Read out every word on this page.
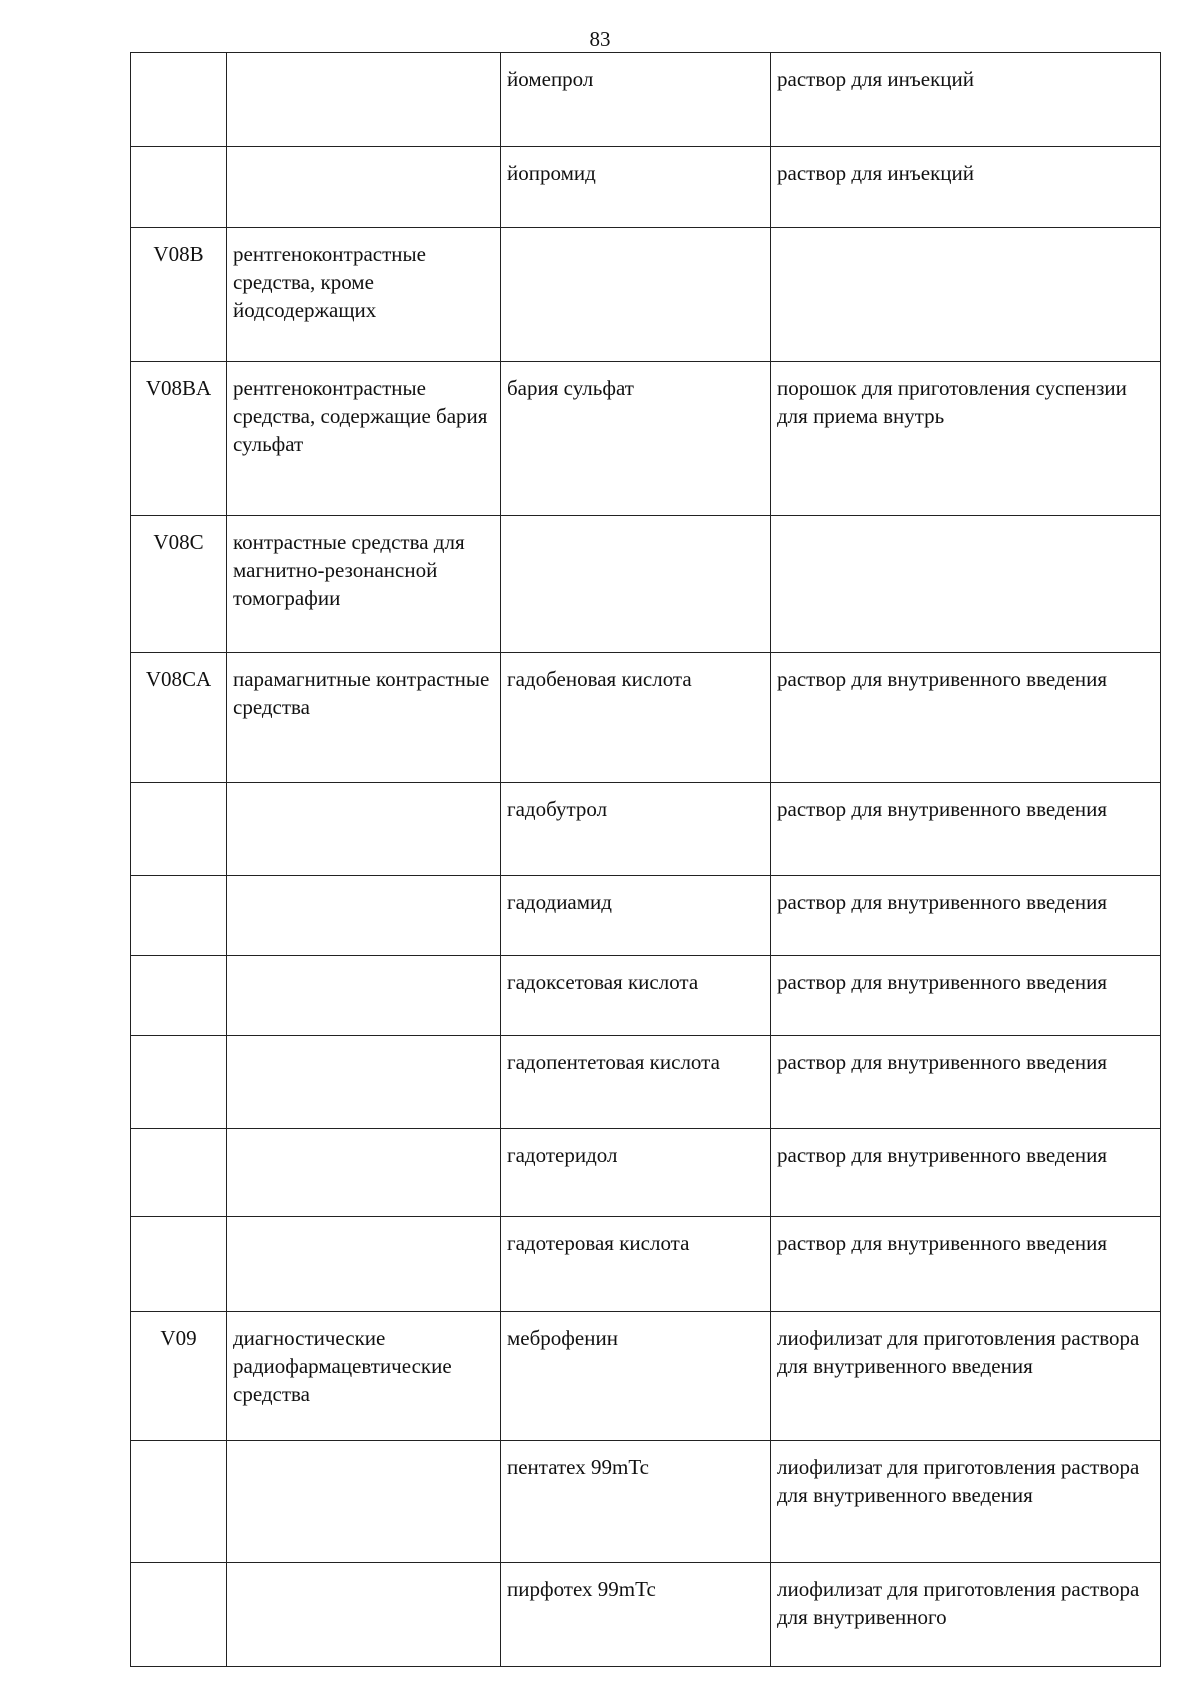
83
		йомепрол	раствор для инъекций
		йопромид	раствор для инъекций
V08B	рентгеноконтрастные средства, кроме йодсодержащих		
V08BA	рентгеноконтрастные средства, содержащие бария сульфат	бария сульфат	порошок для приготовления суспензии для приема внутрь
V08C	контрастные средства для магнитно-резонансной томографии		
V08CA	парамагнитные контрастные средства	гадобеновая кислота	раствор для внутривенного введения
		гадобутрол	раствор для внутривенного введения
		гадодиамид	раствор для внутривенного введения
		гадоксетовая кислота	раствор для внутривенного введения
		гадопентетовая кислота	раствор для внутривенного введения
		гадотеридол	раствор для внутривенного введения
		гадотеровая кислота	раствор для внутривенного введения
V09	диагностические радиофармацевтические средства	меброфенин	лиофилизат для приготовления раствора для внутривенного введения
		пентатех 99mTc	лиофилизат для приготовления раствора для внутривенного введения
		пирфотех 99mTc	лиофилизат для приготовления раствора для внутривенного
